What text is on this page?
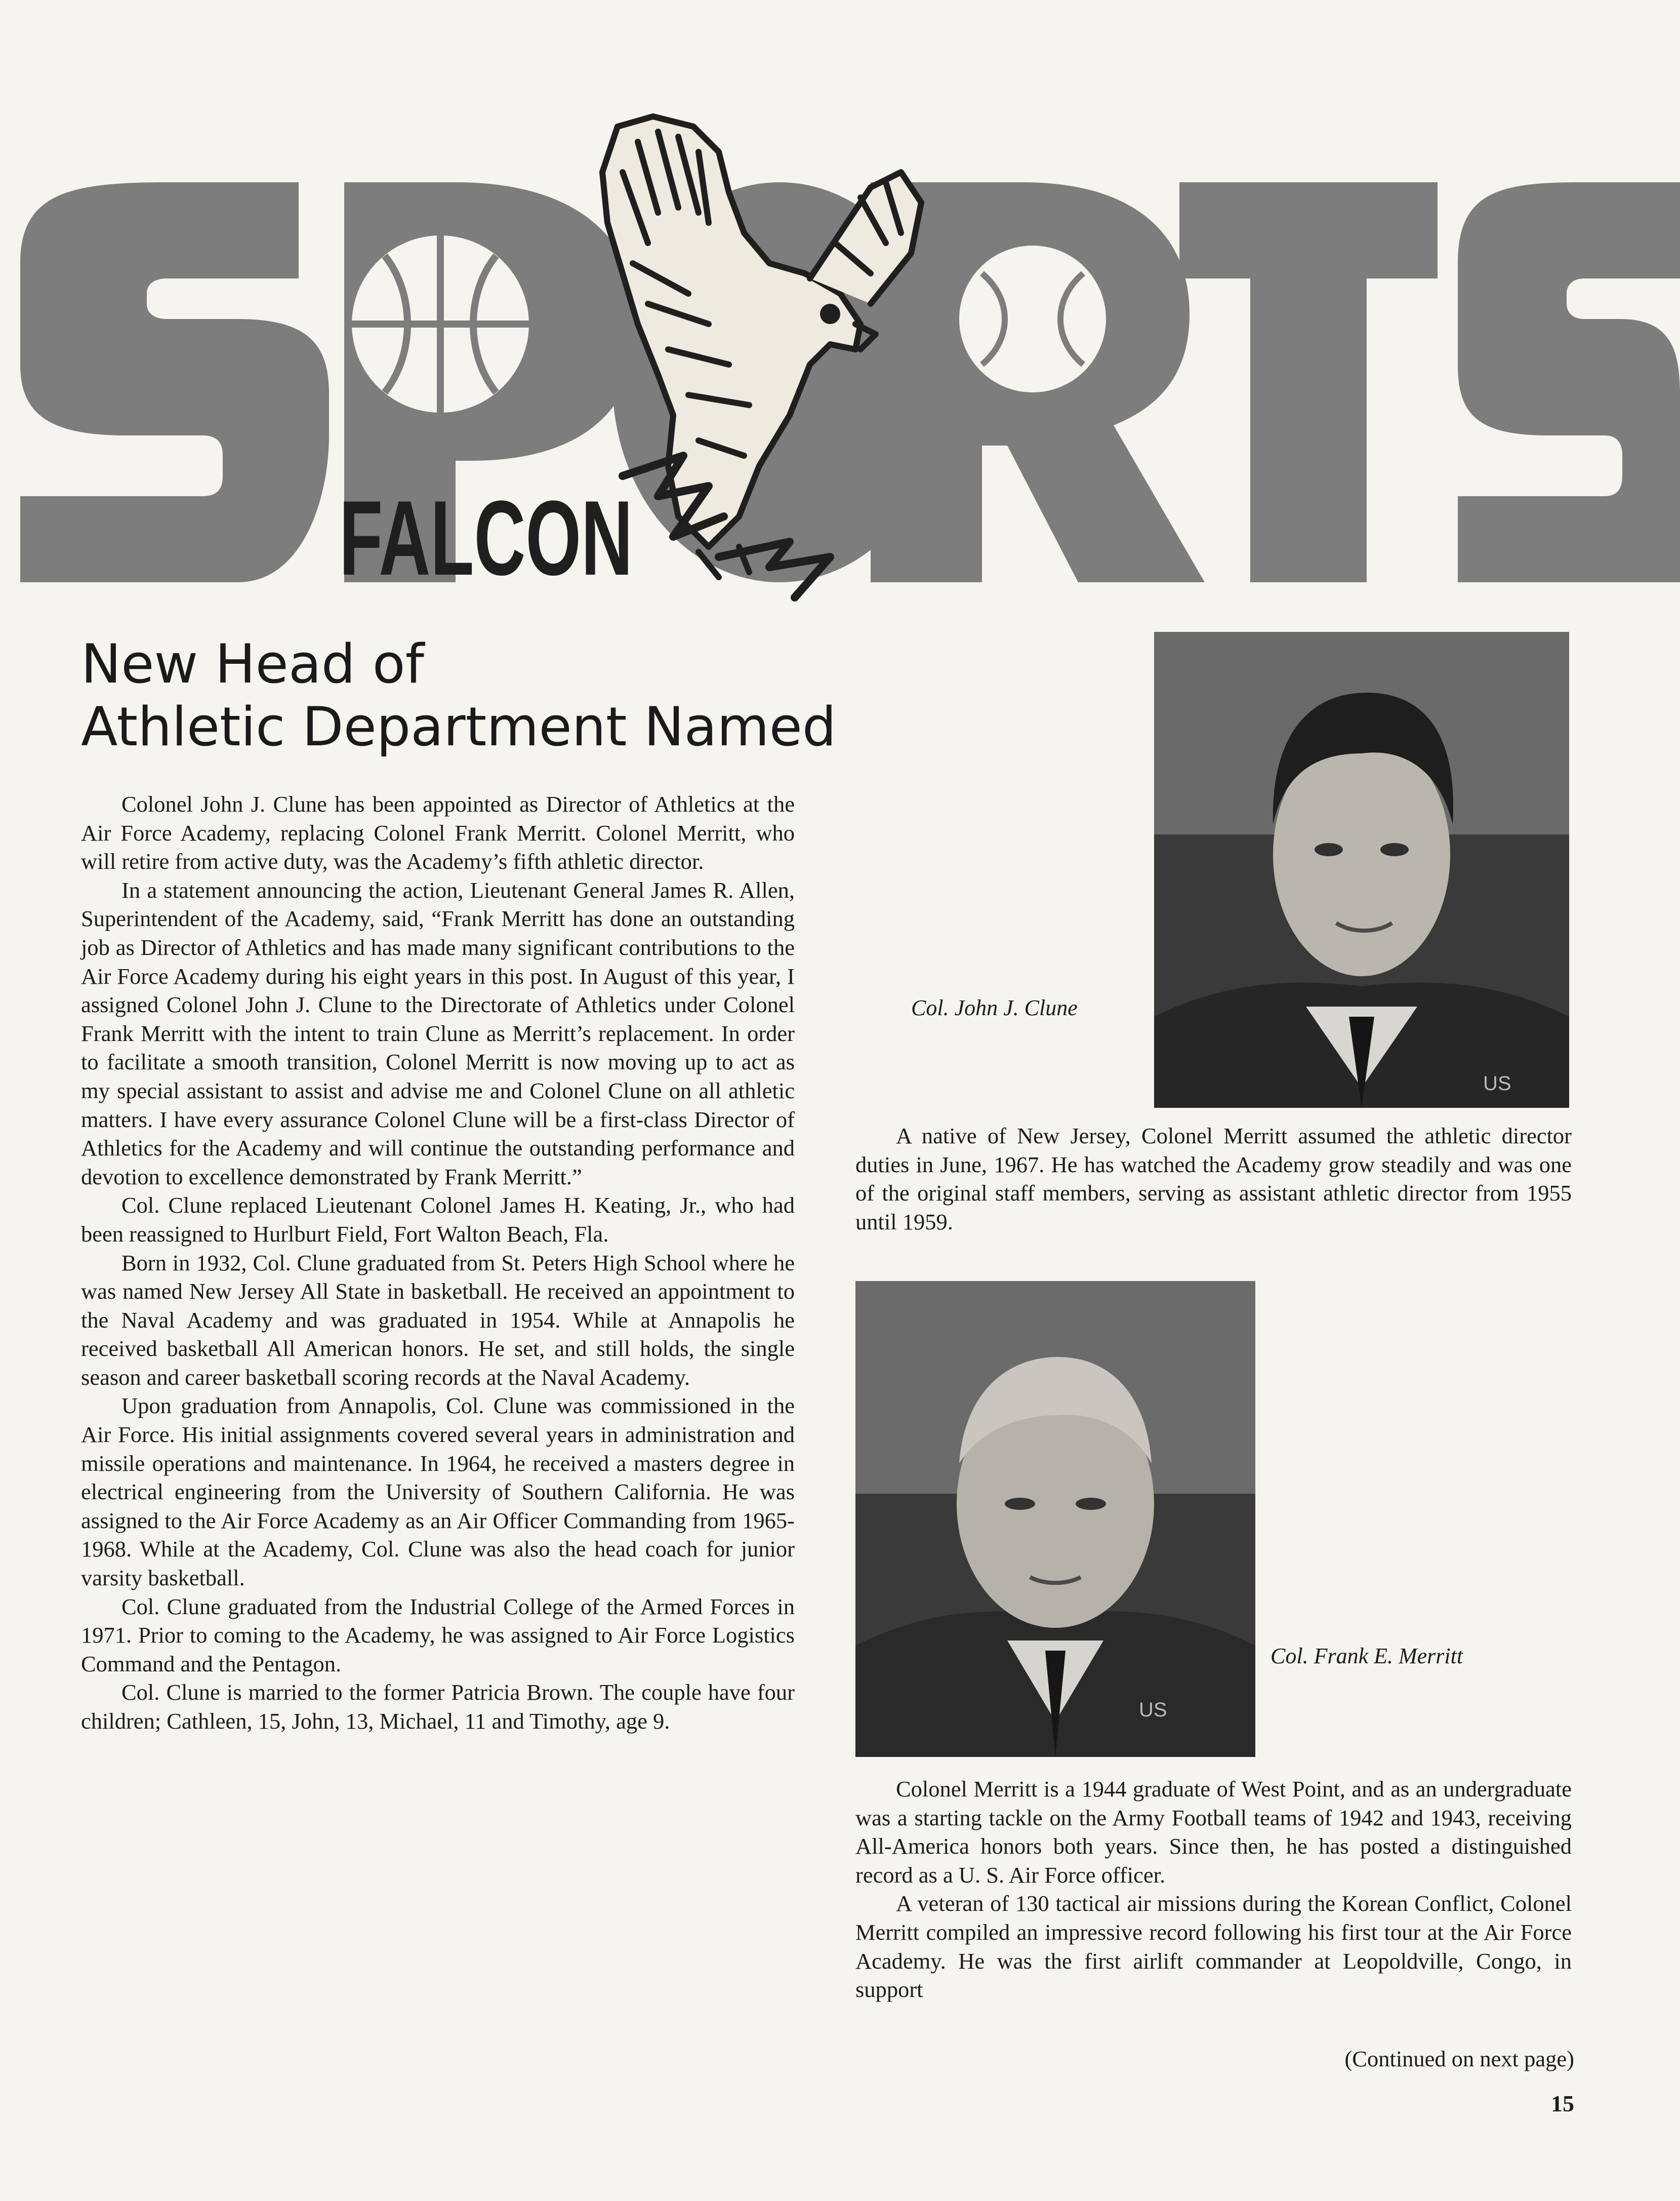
FALCON
New Head of
Athletic Department Named

Colonel John J. Clune has been appointed as Director of Athletics at the Air Force Academy, replacing Colonel Frank Merritt. Colonel Merritt, who will retire from active duty, was the Academy’s fifth athletic director.

In a statement announcing the action, Lieutenant General James R. Allen, Superintendent of the Academy, said, “Frank Merritt has done an outstanding job as Director of Athletics and has made many significant contributions to the Air Force Academy during his eight years in this post. In August of this year, I assigned Colonel John J. Clune to the Directorate of Athletics under Colonel Frank Merritt with the intent to train Clune as Merritt’s replacement. In order to facilitate a smooth transition, Colonel Merritt is now moving up to act as my special assistant to assist and advise me and Colonel Clune on all athletic matters. I have every assurance Colonel Clune will be a first-class Director of Athletics for the Academy and will continue the outstanding performance and devotion to excellence demonstrated by Frank Merritt.”

Col. Clune replaced Lieutenant Colonel James H. Keating, Jr., who had been reassigned to Hurlburt Field, Fort Walton Beach, Fla.

Born in 1932, Col. Clune graduated from St. Peters High School where he was named New Jersey All State in basketball. He received an appointment to the Naval Academy and was graduated in 1954. While at Annapolis he received basketball All American honors. He set, and still holds, the single season and career basketball scoring records at the Naval Academy.

Upon graduation from Annapolis, Col. Clune was commissioned in the Air Force. His initial assignments covered several years in administration and missile operations and maintenance. In 1964, he received a masters degree in electrical engineering from the University of Southern California. He was assigned to the Air Force Academy as an Air Officer Commanding from 1965-1968. While at the Academy, Col. Clune was also the head coach for junior varsity basketball.

Col. Clune graduated from the Industrial College of the Armed Forces in 1971. Prior to coming to the Academy, he was assigned to Air Force Logistics Command and the Pentagon.

Col. Clune is married to the former Patricia Brown. The couple have four children; Cathleen, 15, John, 13, Michael, 11 and Timothy, age 9.

US
Col. John J. Clune

A native of New Jersey, Colonel Merritt assumed the athletic director duties in June, 1967. He has watched the Academy grow steadily and was one of the original staff members, serving as assistant athletic director from 1955 until 1959.

US
Col. Frank E. Merritt

Colonel Merritt is a 1944 graduate of West Point, and as an undergraduate was a starting tackle on the Army Football teams of 1942 and 1943, receiving All-America honors both years. Since then, he has posted a distinguished record as a U. S. Air Force officer.

A veteran of 130 tactical air missions during the Korean Conflict, Colonel Merritt compiled an impressive record following his first tour at the Air Force Academy. He was the first airlift commander at Leopoldville, Congo, in support

(Continued on next page)
15
